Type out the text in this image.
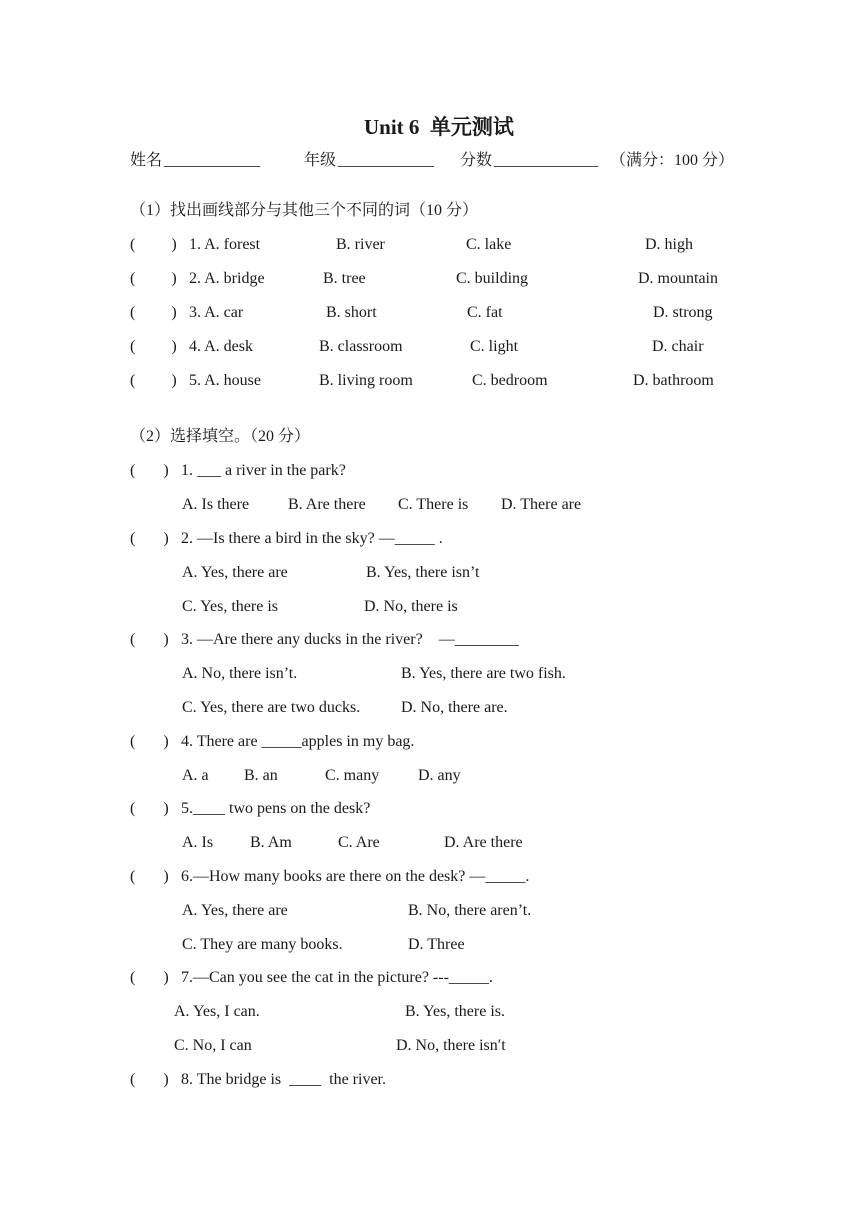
Unit 6  单元测试
姓名 ____________	年级 ____________ 分数 _____________ （满分：100 分）
（1）找出画线部分与其他三个不同的词（10 分）
(         ) 1. A. forest	B. river	C. lake	D. high
(         ) 2. A. bridge	B. tree	C. building	D. mountain
(         ) 3. A. car	B. short	C. fat	D. strong
(         ) 4. A. desk	B. classroom	C. light	D. chair
(         ) 5. A. house	B. living room	C. bedroom	D. bathroom
（2）选择填空。（20 分）
(       ) 1. ___ a river in the park?
A. Is there B. Are there C. There is D. There are
(       ) 2. —Is there a bird in the sky? —_____ .
A. Yes, there are	B. Yes, there isn’t
C. Yes, there is	D. No, there is
(       ) 3. —Are there any ducks in the river?    —________
A. No, there isn’t.	B. Yes, there are two fish.
C. Yes, there are two ducks.	D. No, there are.
(       ) 4. There are _____apples in my bag.
A. a B. an	C. many D. any
(       ) 5.____ two pens on the desk?
A. Is B. Am	C. Are	D. Are there
(       ) 6.—How many books are there on the desk? —_____.
A. Yes, there are	B. No, there aren’t.
C. They are many books.	D. Three
(       ) 7.—Can you see the cat in the picture? ---_____.
A. Yes, I can.	B. Yes, there is.
C. No, I can	D. No, there isn′t
(       ) 8. The bridge is  ____  the river.
